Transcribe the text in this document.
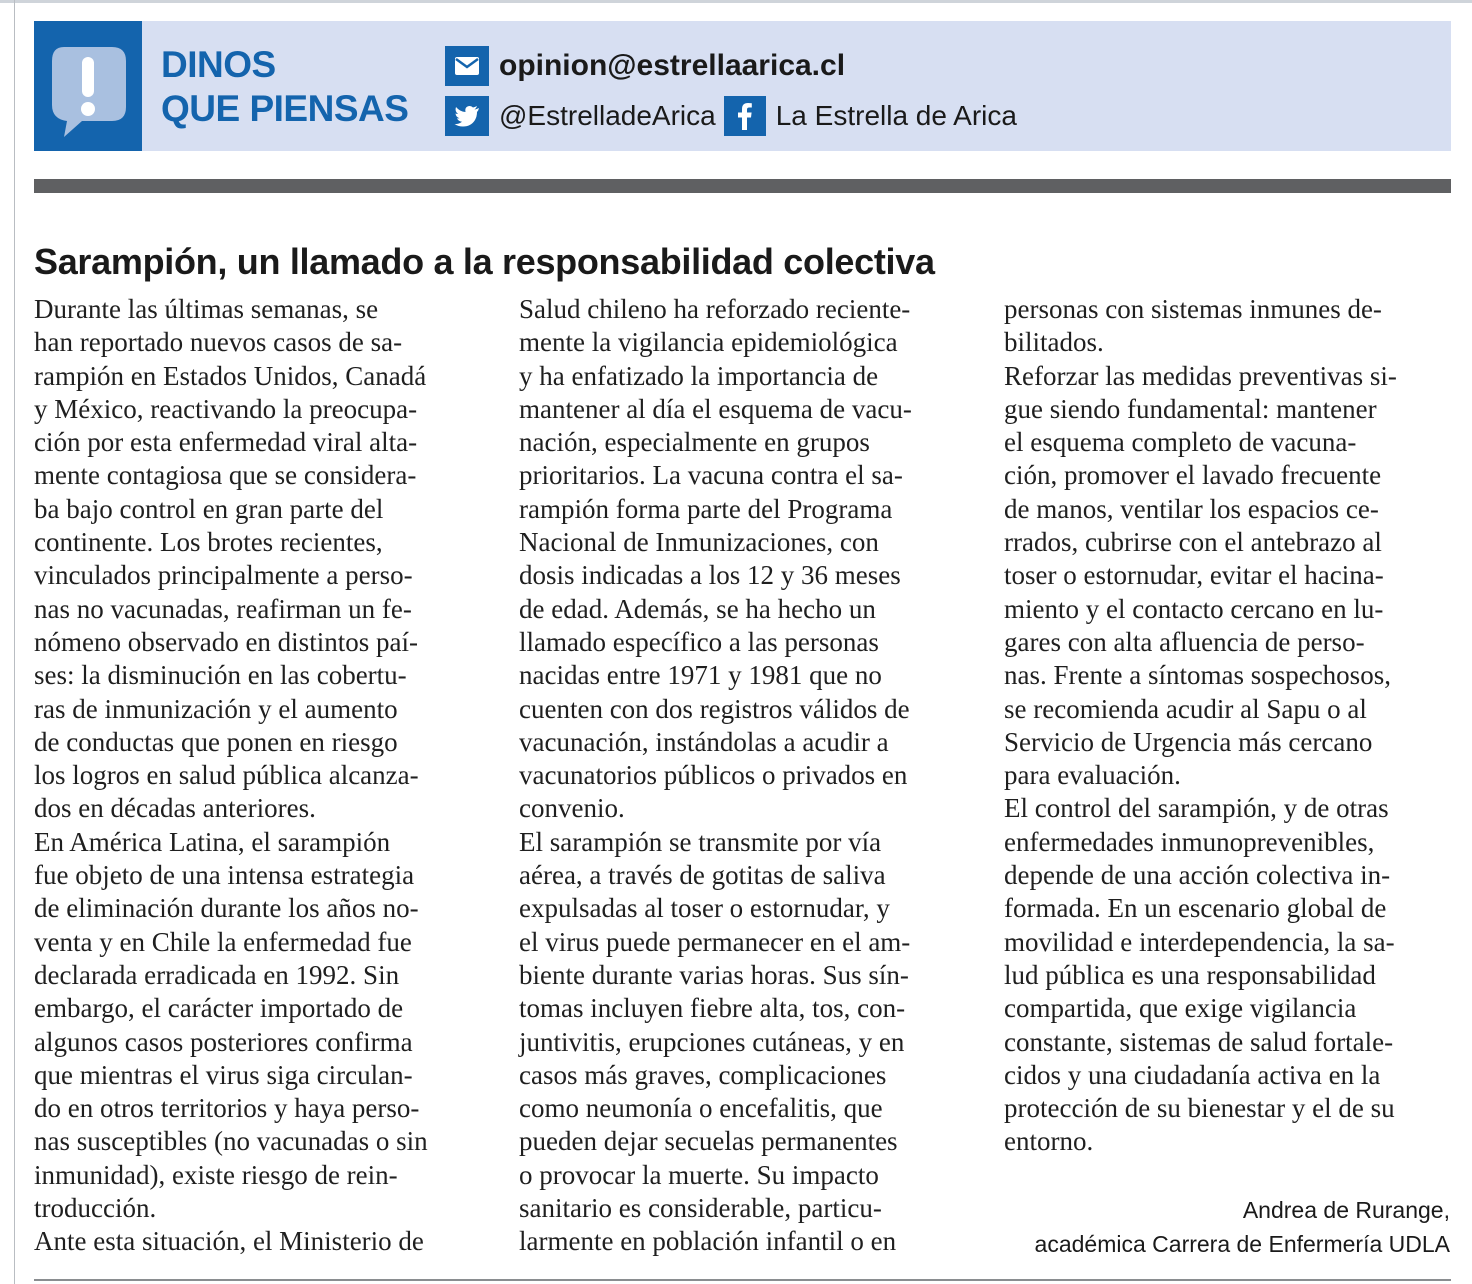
DINOS
QUE PIENSAS
opinion@estrellaarica.cl
@EstrelladeArica La Estrella de Arica
Sarampión, un llamado a la responsabilidad colectiva

Durante las últimas semanas, se

han reportado nuevos casos de sa-

rampión en Estados Unidos, Canadá

y México, reactivando la preocupa-

ción por esta enfermedad viral alta-

mente contagiosa que se considera-

ba bajo control en gran parte del

continente. Los brotes recientes,

vinculados principalmente a perso-

nas no vacunadas, reafirman un fe-

nómeno observado en distintos paí-

ses: la disminución en las cobertu-

ras de inmunización y el aumento

de conductas que ponen en riesgo

los logros en salud pública alcanza-

dos en décadas anteriores.

En América Latina, el sarampión

fue objeto de una intensa estrategia

de eliminación durante los años no-

venta y en Chile la enfermedad fue

declarada erradicada en 1992. Sin

embargo, el carácter importado de

algunos casos posteriores confirma

que mientras el virus siga circulan-

do en otros territorios y haya perso-

nas susceptibles (no vacunadas o sin

inmunidad), existe riesgo de rein-

troducción.

Ante esta situación, el Ministerio de

Salud chileno ha reforzado reciente-

mente la vigilancia epidemiológica

y ha enfatizado la importancia de

mantener al día el esquema de vacu-

nación, especialmente en grupos

prioritarios. La vacuna contra el sa-

rampión forma parte del Programa

Nacional de Inmunizaciones, con

dosis indicadas a los 12 y 36 meses

de edad. Además, se ha hecho un

llamado específico a las personas

nacidas entre 1971 y 1981 que no

cuenten con dos registros válidos de

vacunación, instándolas a acudir a

vacunatorios públicos o privados en

convenio.

El sarampión se transmite por vía

aérea, a través de gotitas de saliva

expulsadas al toser o estornudar, y

el virus puede permanecer en el am-

biente durante varias horas. Sus sín-

tomas incluyen fiebre alta, tos, con-

juntivitis, erupciones cutáneas, y en

casos más graves, complicaciones

como neumonía o encefalitis, que

pueden dejar secuelas permanentes

o provocar la muerte. Su impacto

sanitario es considerable, particu-

larmente en población infantil o en

personas con sistemas inmunes de-

bilitados.

Reforzar las medidas preventivas si-

gue siendo fundamental: mantener

el esquema completo de vacuna-

ción, promover el lavado frecuente

de manos, ventilar los espacios ce-

rrados, cubrirse con el antebrazo al

toser o estornudar, evitar el hacina-

miento y el contacto cercano en lu-

gares con alta afluencia de perso-

nas. Frente a síntomas sospechosos,

se recomienda acudir al Sapu o al

Servicio de Urgencia más cercano

para evaluación.

El control del sarampión, y de otras

enfermedades inmunoprevenibles,

depende de una acción colectiva in-

formada. En un escenario global de

movilidad e interdependencia, la sa-

lud pública es una responsabilidad

compartida, que exige vigilancia

constante, sistemas de salud fortale-

cidos y una ciudadanía activa en la

protección de su bienestar y el de su

entorno.

Andrea de Rurange,
académica Carrera de Enfermería UDLA
